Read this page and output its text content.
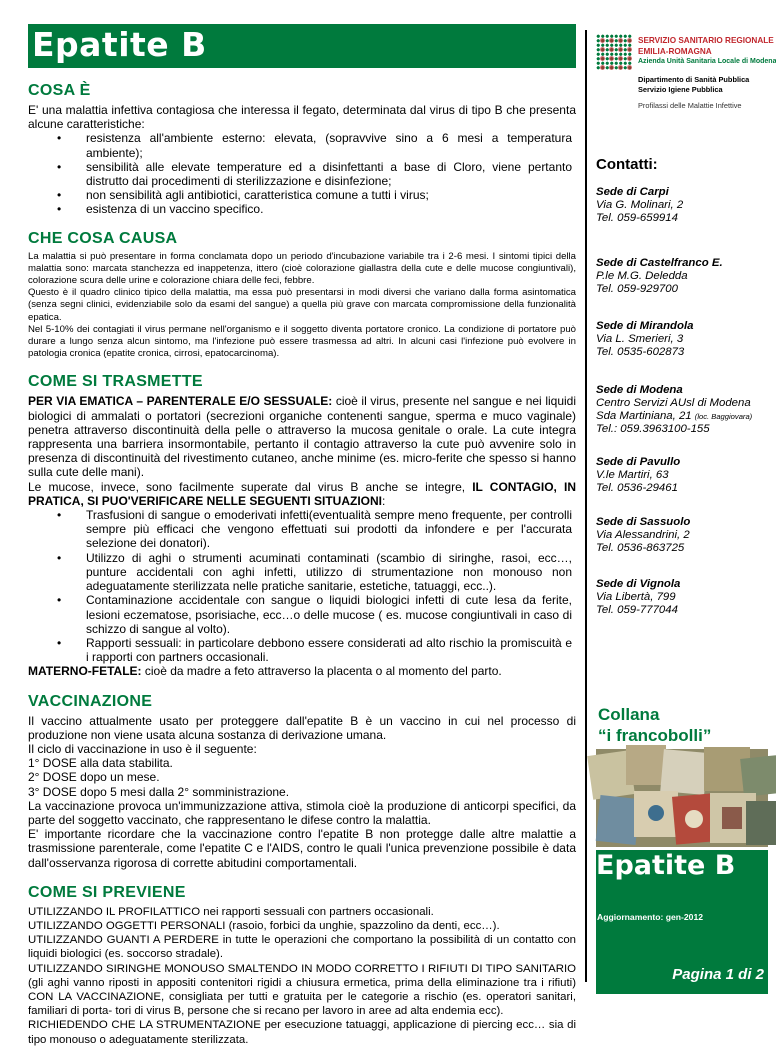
Epatite B
COSA È
E' una malattia infettiva contagiosa che interessa il fegato, determinata dal virus di tipo B che presenta alcune caratteristiche:
• resistenza all'ambiente esterno: elevata, (sopravvive sino a 6 mesi a temperatura ambiente);
• sensibilità alle elevate temperature ed a disinfettanti a base di Cloro, viene pertanto distrutto dai procedimenti di sterilizzazione e disinfezione;
• non sensibilità agli antibiotici, caratteristica comune a tutti i virus;
• esistenza di un vaccino specifico.
CHE COSA CAUSA
La malattia si può presentare in forma conclamata dopo un periodo d'incubazione variabile tra i 2-6 mesi. I sintomi tipici della malattia sono: marcata stanchezza ed inappetenza, ittero (cioè colorazione giallastra della cute e delle mucose congiuntivali), colorazione scura delle urine e colorazione chiara delle feci, febbre.
Questo è il quadro clinico tipico della malattia, ma essa può presentarsi in modi diversi che variano dalla forma asintomatica (senza segni clinici, evidenziabile solo da esami del sangue) a quella più grave con marcata compromissione della funzionalità epatica.
Nel 5-10% dei contagiati il virus permane nell'organismo e il soggetto diventa portatore cronico. La condizione di portatore può durare a lungo senza alcun sintomo, ma l'infezione può essere trasmessa ad altri. In alcuni casi l'infezione può evolvere in patologia cronica (epatite cronica, cirrosi, epatocarcinoma).
COME SI TRASMETTE
PER VIA EMATICA – PARENTERALE E/O SESSUALE: cioè il virus, presente nel sangue e nei liquidi biologici di ammalati o portatori (secrezioni organiche contenenti sangue, sperma e muco vaginale) penetra attraverso discontinuità della pelle o attraverso la mucosa genitale o orale. La cute integra rappresenta una barriera insormontabile, pertanto il contagio attraverso la cute può avvenire solo in presenza di discontinuità del rivestimento cutaneo, anche minime (es. micro-ferite che spesso si hanno sulla cute delle mani).
Le mucose, invece, sono facilmente superate dal virus B anche se integre, IL CONTAGIO, IN PRATICA, SI PUO'VERIFICARE NELLE SEGUENTI SITUAZIONI:
• Trasfusioni di sangue o emoderivati infetti(eventualità sempre meno frequente, per controlli sempre più efficaci che vengono effettuati sui prodotti da infondere e per l'accurata selezione dei donatori).
• Utilizzo di aghi o strumenti acuminati contaminati (scambio di siringhe, rasoi, ecc…, punture accidentali con aghi infetti, utilizzo di strumentazione non monouso non adeguatamente sterilizzata nelle pratiche sanitarie, estetiche, tatuaggi, ecc..).
• Contaminazione accidentale con sangue o liquidi biologici infetti di cute lesa da ferite, lesioni eczematose, psorisiache, ecc…o delle mucose ( es. mucose congiuntivali in caso di schizzo di sangue al volto).
• Rapporti sessuali: in particolare debbono essere considerati ad alto rischio la promiscuità e i rapporti con partners occasionali.
MATERNO-FETALE: cioè da madre a feto attraverso la placenta o al momento del parto.
VACCINAZIONE
Il vaccino attualmente usato per proteggere dall'epatite B è un vaccino in cui nel processo di produzione non viene usata alcuna sostanza di derivazione umana.
Il ciclo di vaccinazione in uso è il seguente:
1° DOSE alla data stabilita.
2° DOSE dopo un mese.
3° DOSE dopo 5 mesi dalla 2° somministrazione.
La vaccinazione provoca un'immunizzazione attiva, stimola cioè la produzione di anticorpi specifici, da parte del soggetto vaccinato, che rappresentano le difese contro la malattia.
E' importante ricordare che la vaccinazione contro l'epatite B non protegge dalle altre malattie a trasmissione parenterale, come l'epatite C e l'AIDS, contro le quali l'unica prevenzione possibile è data dall'osservanza rigorosa di corrette abitudini comportamentali.
COME SI PREVIENE
UTILIZZANDO IL PROFILATTICO nei rapporti sessuali con partners occasionali.
UTILIZZANDO OGGETTI PERSONALI (rasoio, forbici da unghie, spazzolino da denti, ecc…).
UTILIZZANDO GUANTI A PERDERE in tutte le operazioni che comportano la possibilità di un contatto con liquidi biologici (es. soccorso stradale).
UTILIZZANDO SIRINGHE MONOUSO SMALTENDO IN MODO CORRETTO I RIFIUTI DI TIPO SANITARIO (gli aghi vanno riposti in appositi contenitori rigidi a chiusura ermetica, prima della eliminazione tra i rifiuti) CON LA VACCINAZIONE, consigliata per tutti e gratuita per le categorie a rischio (es. operatori sanitari, familiari di porta- tori di virus B, persone che si recano per lavoro in aree ad alta endemia ecc).
RICHIEDENDO CHE LA STRUMENTAZIONE per esecuzione tatuaggi, applicazione di piercing ecc… sia di tipo monouso o adeguatamente sterilizzata.
SERVIZIO SANITARIO REGIONALE
EMILIA-ROMAGNA
Azienda Unità Sanitaria Locale di Modena
Dipartimento di Sanità Pubblica
Servizio Igiene Pubblica
Profilassi delle Malattie Infettive
Contatti:
Sede di Carpi
Via G. Molinari, 2
Tel. 059-659914
Sede di Castelfranco E.
P.le M.G. Deledda
Tel. 059-929700
Sede di Mirandola
Via L. Smerieri, 3
Tel. 0535-602873
Sede di Modena
Centro Servizi AUsl di Modena
Sda Martiniana, 21 (loc. Baggiovara)
Tel.: 059.3963100-155
Sede di Pavullo
V.le Martiri, 63
Tel. 0536-29461
Sede di Sassuolo
Via Alessandrini, 2
Tel. 0536-863725
Sede di Vignola
Via Libertà, 799
Tel. 059-777044
Collana
“i francobolli”
Epatite B
Aggiornamento: gen-2012
Pagina 1 di 2
